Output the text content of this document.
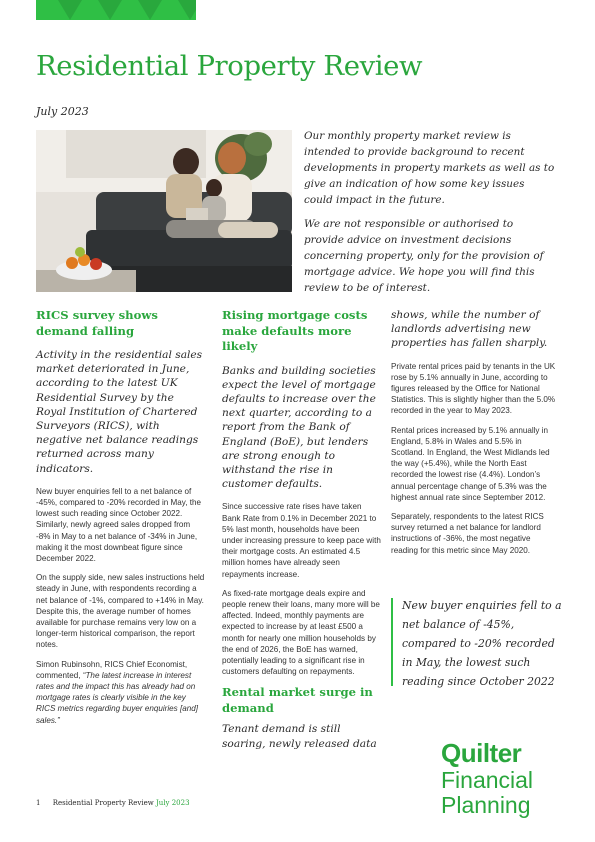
Residential Property Review
July 2023

Our monthly property market review is intended to provide background to recent developments in property markets as well as to give an indication of how some key issues could impact in the future.

We are not responsible or authorised to provide advice on investment decisions concerning property, only for the provision of mortgage advice. We hope you will find this review to be of interest.

RICS survey shows demand falling

Activity in the residential sales market deteriorated in June, according to the latest UK Residential Survey by the Royal Institution of Chartered Surveyors (RICS), with negative net balance readings returned across many indicators.

New buyer enquiries fell to a net balance of -45%, compared to -20% recorded in May, the lowest such reading since October 2022. Similarly, newly agreed sales dropped from -8% in May to a net balance of -34% in June, making it the most downbeat figure since December 2022.

On the supply side, new sales instructions held steady in June, with respondents recording a net balance of -1%, compared to +14% in May. Despite this, the average number of homes available for purchase remains very low on a longer-term historical comparison, the report notes.

Simon Rubinsohn, RICS Chief Economist, commented, “The latest increase in interest rates and the impact this has already had on mortgage rates is clearly visible in the key RICS metrics regarding buyer enquiries [and] sales.”

Rising mortgage costs make defaults more likely

Banks and building societies expect the level of mortgage defaults to increase over the next quarter, according to a report from the Bank of England (BoE), but lenders are strong enough to withstand the rise in customer defaults.

Since successive rate rises have taken Bank Rate from 0.1% in December 2021 to 5% last month, households have been under increasing pressure to keep pace with their mortgage costs. An estimated 4.5 million homes have already seen repayments increase.

As fixed-rate mortgage deals expire and people renew their loans, many more will be affected. Indeed, monthly payments are expected to increase by at least £500 a month for nearly one million households by the end of 2026, the BoE has warned, potentially leading to a significant rise in customers defaulting on repayments.

Rental market surge in demand

Tenant demand is still soaring, newly released data

shows, while the number of landlords advertising new properties has fallen sharply.

Private rental prices paid by tenants in the UK rose by 5.1% annually in June, according to figures released by the Office for National Statistics. This is slightly higher than the 5.0% recorded in the year to May 2023.

Rental prices increased by 5.1% annually in England, 5.8% in Wales and 5.5% in Scotland. In England, the West Midlands led the way (+5.4%), while the North East recorded the lowest rise (4.4%). London’s annual percentage change of 5.3% was the highest annual rate since September 2012.

Separately, respondents to the latest RICS survey returned a net balance for landlord instructions of -36%, the most negative reading for this metric since May 2020.

New buyer enquiries fell to a net balance of -45%, compared to -20% recorded in May, the lowest such reading since October 2022
Quilter
Financial
Planning
1 Residential Property Review July 2023
